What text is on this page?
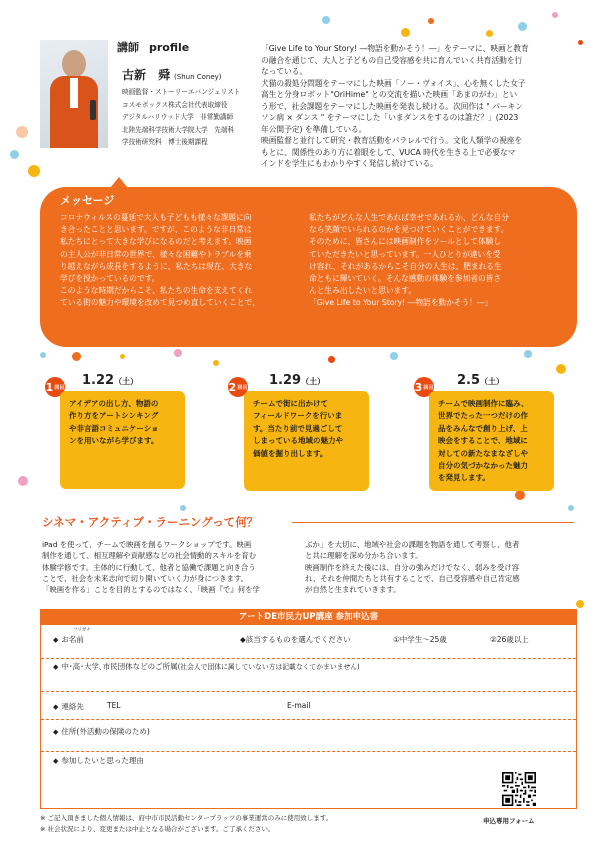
講師 profile
古新　舜 (Shun Coney)
映画監督・ストーリーエバンジェリスト
コスモボックス株式会社代表取締役
デジタルハリウッド大学　非常勤講師
北陸先端科学技術大学院大学　先端科
学技術研究科　博士後期課程
「Give Life to Your Story! ―物語を動かそう！―」をテーマに、映画と教育
の融合を通じて、大人と子どもの自己受容感を共に育んでいく共育活動を行
なっている。
犬猫の殺処分問題をテーマにした映画「ノー・ヴォイス」、心を無くした女子
高生と分身ロボット"OriHime" との交流を描いた映画「あまのがわ」とい
う形で、社会課題をテーマにした映画を発表し続ける。次回作は " パーキン
ソン病 × ダンス " をテーマにした「いまダンスをするのは誰だ？」(2023
年公開予定) を準備している。
映画監督と並行して研究・教育活動をパラレルで行う。文化人類学の視座を
もとに、関係性のあり方に着眼をして、VUCA 時代を生きる上で必要なマ
インドを学生にもわかりやすく発信し続けている。
メッセージ
コロナウィルスの蔓延で大人も子どもも様々な課題に向
き合ったことと思います。ですが、このような非日常は
私たちにとって大きな学びになるのだと考えます。映画
の主人公が非日常の世界で、様々な困難やトラブルを乗
り越えながら成長をするように、私たちは現在、大きな
学びを授かっているのです。
このような時期だからこそ、私たちの生命を支えてくれ
ている街の魅力や環境を改めて見つめ直していくことで、
私たちがどんな人生であれば幸せであれるか、どんな自分
なら笑顔でいられるのかを見つけていくことができます。
そのために、皆さんには映画制作をツールとして体験し
ていただきたいと思っています。一人ひとりが違いを受
け容れ、それがあるからこそ自分の人生は、肥まれる生
命ともに輝いていく。そんな感動の体験を参加者の皆さ
んと生み出したいと思います。
「Give Life to Your Story! ―物語を動かそう！―」
1 回目 1.22（土）
アイデアの出し方、物語の
作り方をアートシンキング
や非言語コミュニケーショ
ンを用いながら学びます。
2 回目 1.29（土）
チームで街に出かけて
フィールドワークを行いま
す。当たり前で見過ごして
しまっている地域の魅力や
価値を掘り出します。
3 回目 2.5（土）
チームで映画制作に臨み、
世界でたった一つだけの作
品をみんなで創り上げ、上
映会をすることで、地域に
対しての新たなまなざしや
自分の気づかなかった魅力
を発見します。
シネマ・アクティブ・ラーニングって何？
iPad を使って、チームで映画を創るワークショップです。映画
制作を通して、相互理解や貢献感などの社会情動的スキルを育む
体験学修です。主体的に行動して、他者と協働で課題と向き合う
ことで、社会を未来志向で切り開いていく力が身につきます。
「映画を作る」ことを目的とするのではなく、「映画『で』何を学
ぶか」を大切に、地域や社会の課題を物語を通して考察し、他者
と共に理解を深め分かち合います。
映画制作を終えた後には、自分の強みだけでなく、弱みを受け容
れ、それを仲間たちと共有することで、自己受容感や自己肯定感
が自然と生まれていきます。
アートDE市民力UP講座 参加申込書
フリガナ
◆ お名前	◆該当するものを選んでください	①中学生～25歳	②26歳以上
◆ 中･高･大学､市民団体などのご所属(社会人で団体に属していない方は記載なくてかまいません)
◆ 連絡先	TEL	E-mail
◆ 住所(外活動の保険のため)
◆ 参加したいと思った理由
申込専用フォーム
※ ご記入頂きました個人情報は、府中市市民活動センタープラッツの事業運営のみに使用致します。
※ 社会状況により、変更または中止となる場合がございます。ご了承ください。
